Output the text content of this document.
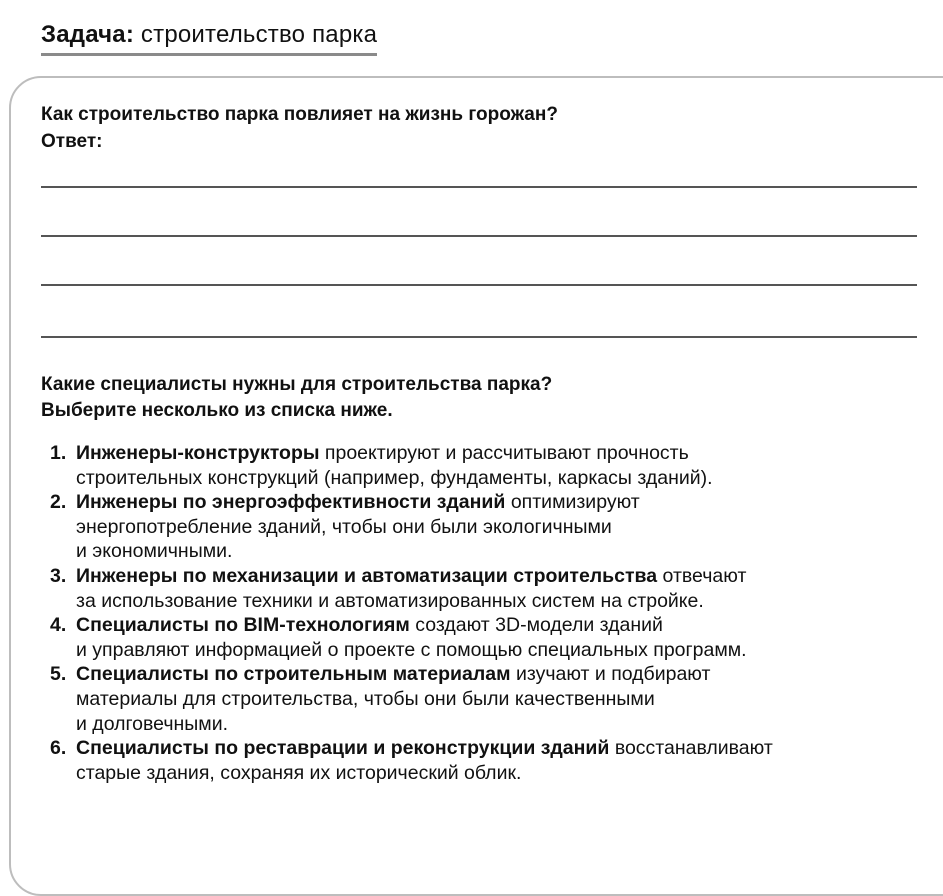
Задача: строительство парка
Как строительство парка повлияет на жизнь горожан?
Ответ:
Какие специалисты нужны для строительства парка?
Выберите несколько из списка ниже.
1. Инженеры-конструкторы проектируют и рассчитывают прочность
строительных конструкций (например, фундаменты, каркасы зданий).
2. Инженеры по энергоэффективности зданий оптимизируют
энергопотребление зданий, чтобы они были экологичными
и экономичными.
3. Инженеры по механизации и автоматизации строительства отвечают
за использование техники и автоматизированных систем на стройке.
4. Специалисты по BIM-технологиям создают 3D-модели зданий
и управляют информацией о проекте с помощью специальных программ.
5. Специалисты по строительным материалам изучают и подбирают
материалы для строительства, чтобы они были качественными
и долговечными.
6. Специалисты по реставрации и реконструкции зданий восстанавливают
старые здания, сохраняя их исторический облик.
